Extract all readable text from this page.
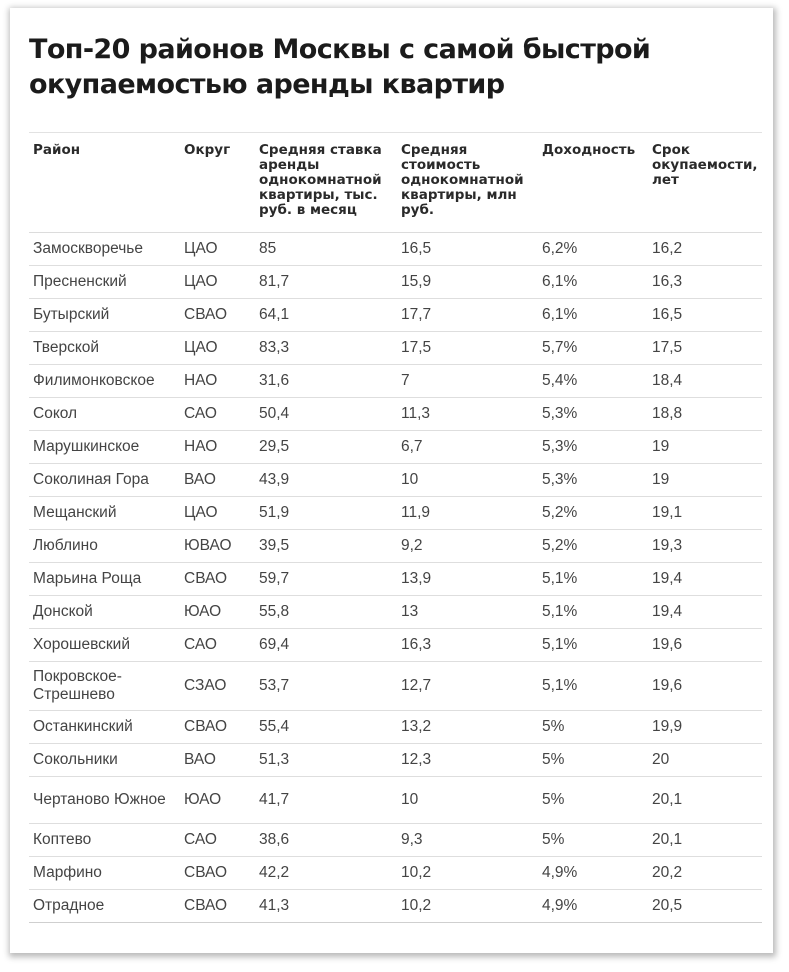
Топ-20 районов Москвы с самой быстрой окупаемостью аренды квартир
Район	Округ	Средняя ставка аренды однокомнатной квартиры, тыс. руб. в месяц	Средняя стоимость однокомнатной квартиры, млн руб.	Доходность	Срок окупаемости, лет
Замоскворечье	ЦАО	85	16,5	6,2%	16,2
Пресненский	ЦАО	81,7	15,9	6,1%	16,3
Бутырский	СВАО	64,1	17,7	6,1%	16,5
Тверской	ЦАО	83,3	17,5	5,7%	17,5
Филимонковское	НАО	31,6	7	5,4%	18,4
Сокол	САО	50,4	11,3	5,3%	18,8
Марушкинское	НАО	29,5	6,7	5,3%	19
Соколиная Гора	ВАО	43,9	10	5,3%	19
Мещанский	ЦАО	51,9	11,9	5,2%	19,1
Люблино	ЮВАО	39,5	9,2	5,2%	19,3
Марьина Роща	СВАО	59,7	13,9	5,1%	19,4
Донской	ЮАО	55,8	13	5,1%	19,4
Хорошевский	САО	69,4	16,3	5,1%	19,6
Покровское-Стрешнево	СЗАО	53,7	12,7	5,1%	19,6
Останкинский	СВАО	55,4	13,2	5%	19,9
Сокольники	ВАО	51,3	12,3	5%	20
Чертаново Южное	ЮАО	41,7	10	5%	20,1
Коптево	САО	38,6	9,3	5%	20,1
Марфино	СВАО	42,2	10,2	4,9%	20,2
Отрадное	СВАО	41,3	10,2	4,9%	20,5
